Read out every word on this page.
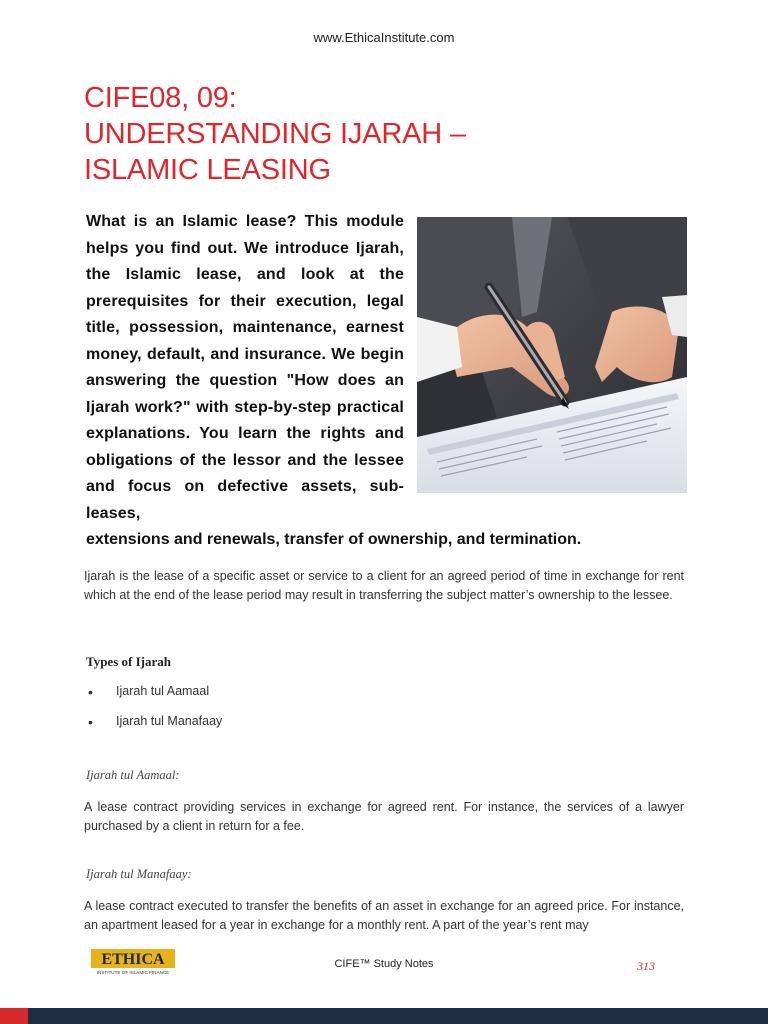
www.EthicaInstitute.com
CIFE08, 09:
UNDERSTANDING IJARAH –
ISLAMIC LEASING
What is an Islamic lease? This module helps you find out. We introduce Ijarah, the Islamic lease, and look at the prerequisites for their execution, legal title, possession, maintenance, earnest money, default, and insurance. We begin answering the question "How does an Ijarah work?" with step-by-step practical explanations. You learn the rights and obligations of the lessor and the lessee and focus on defective assets, sub-leases,
extensions and renewals, transfer of ownership, and termination.

Ijarah is the lease of a specific asset or service to a client for an agreed period of time in exchange for rent which at the end of the lease period may result in transferring the subject matter’s ownership to the lessee.

Types of Ijarah
•	Ijarah tul Aamaal
•	Ijarah tul Manafaay
Ijarah tul Aamaal:

A lease contract providing services in exchange for agreed rent. For instance, the services of a lawyer purchased by a client in return for a fee.

Ijarah tul Manafaay:

A lease contract executed to transfer the benefits of an asset in exchange for an agreed price. For instance, an apartment leased for a year in exchange for a monthly rent. A part of the year’s rent may

ETHICA
INSTITUTE OF ISLAMIC FINANCE
CIFE™ Study Notes	313
